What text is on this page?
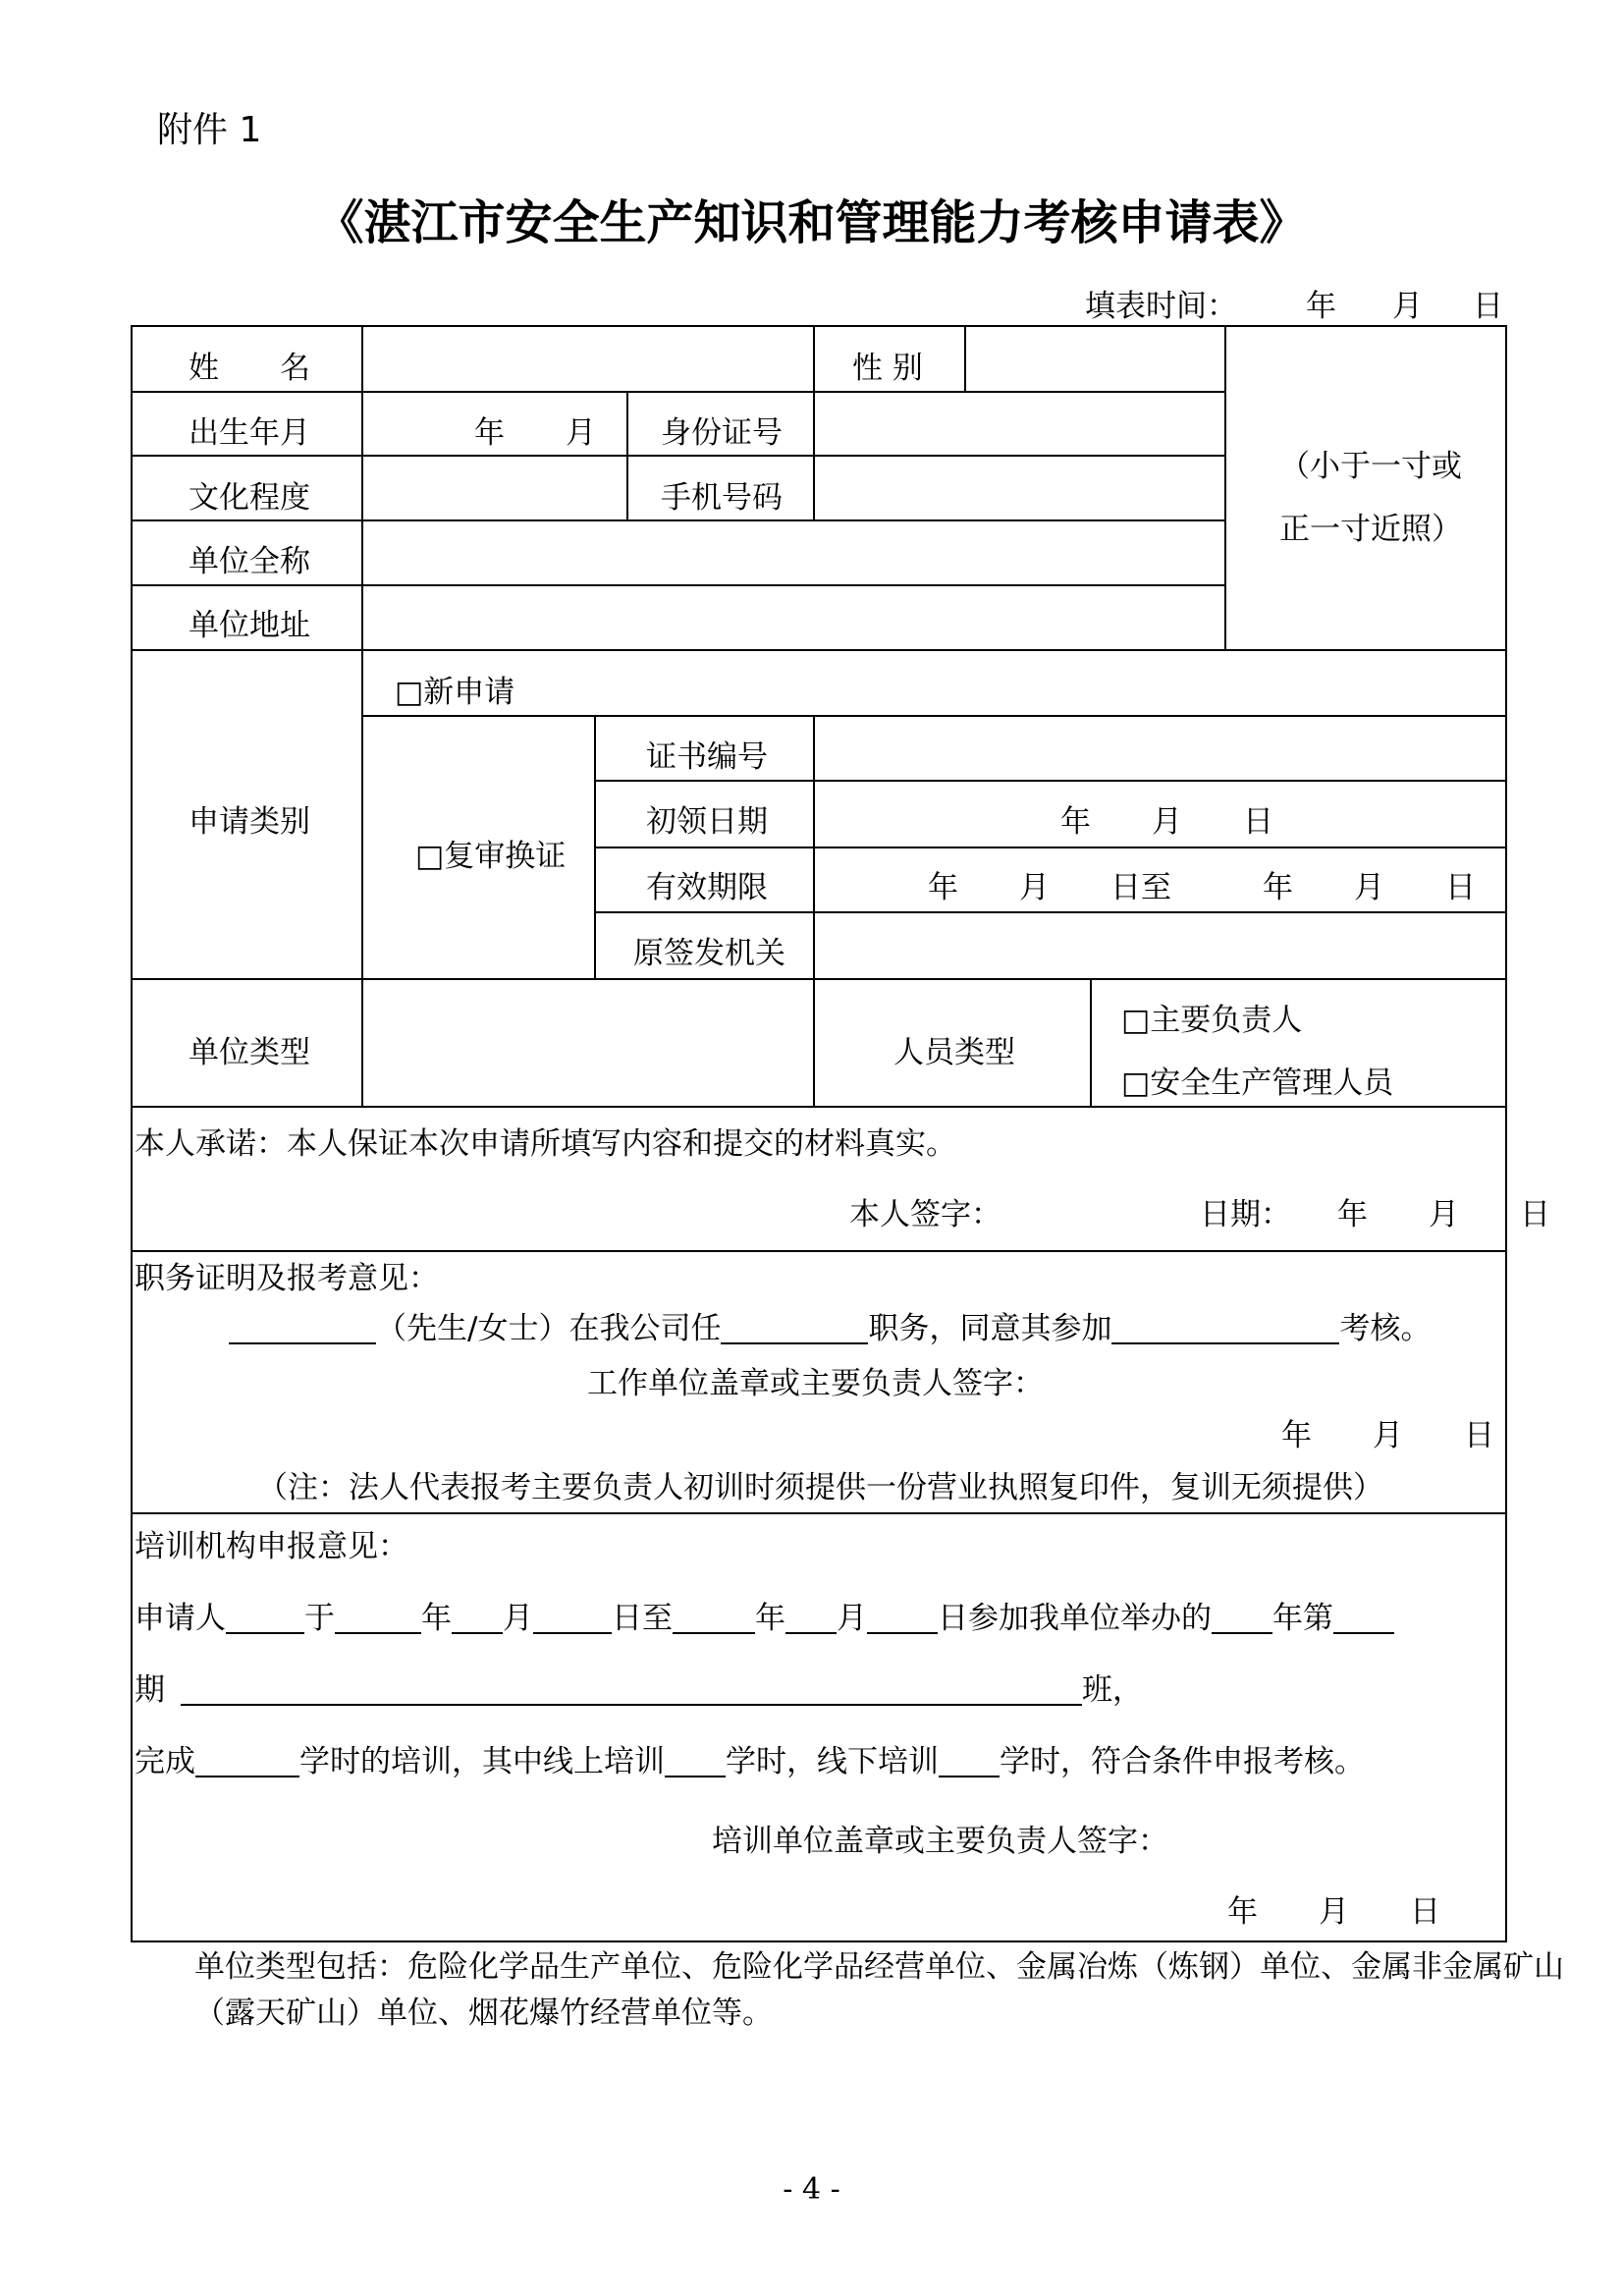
附件 1
《湛江市安全生产知识和管理能力考核申请表》
填表时间： 年 月 日
姓　　名	性 别
出生年月	年　　月 身份证号
文化程度	手机号码
单位全称
单位地址
（小于一寸或
正一寸近照）
申请类别
□新申请
□复审换证
证书编号
初领日期	年　　月　　日
有效期限	年　　月　　日至　　　年　　月　　日
原签发机关
单位类型	人员类型
□主要负责人
□安全生产管理人员
本人承诺：本人保证本次申请所填写内容和提交的材料真实。
本人签字：	日期： 年　　月　　日
职务证明及报考意见：
（先生/女士）在我公司任	职务，同意其参加	考核。
工作单位盖章或主要负责人签字：
年　　月　　日
（注：法人代表报考主要负责人初训时须提供一份营业执照复印件，复训无须提供）
培训机构申报意见：
申请人	于	年 月	日至	年 月 日参加我单位举办的 年第
期	班，
完成	学时的培训，其中线上培训 学时，线下培训 学时，符合条件申报考核。
培训单位盖章或主要负责人签字：
年　　月　　日
单位类型包括：危险化学品生产单位、危险化学品经营单位、金属冶炼（炼钢）单位、金属非金属矿山
（露天矿山）单位、烟花爆竹经营单位等。
- 4 -
